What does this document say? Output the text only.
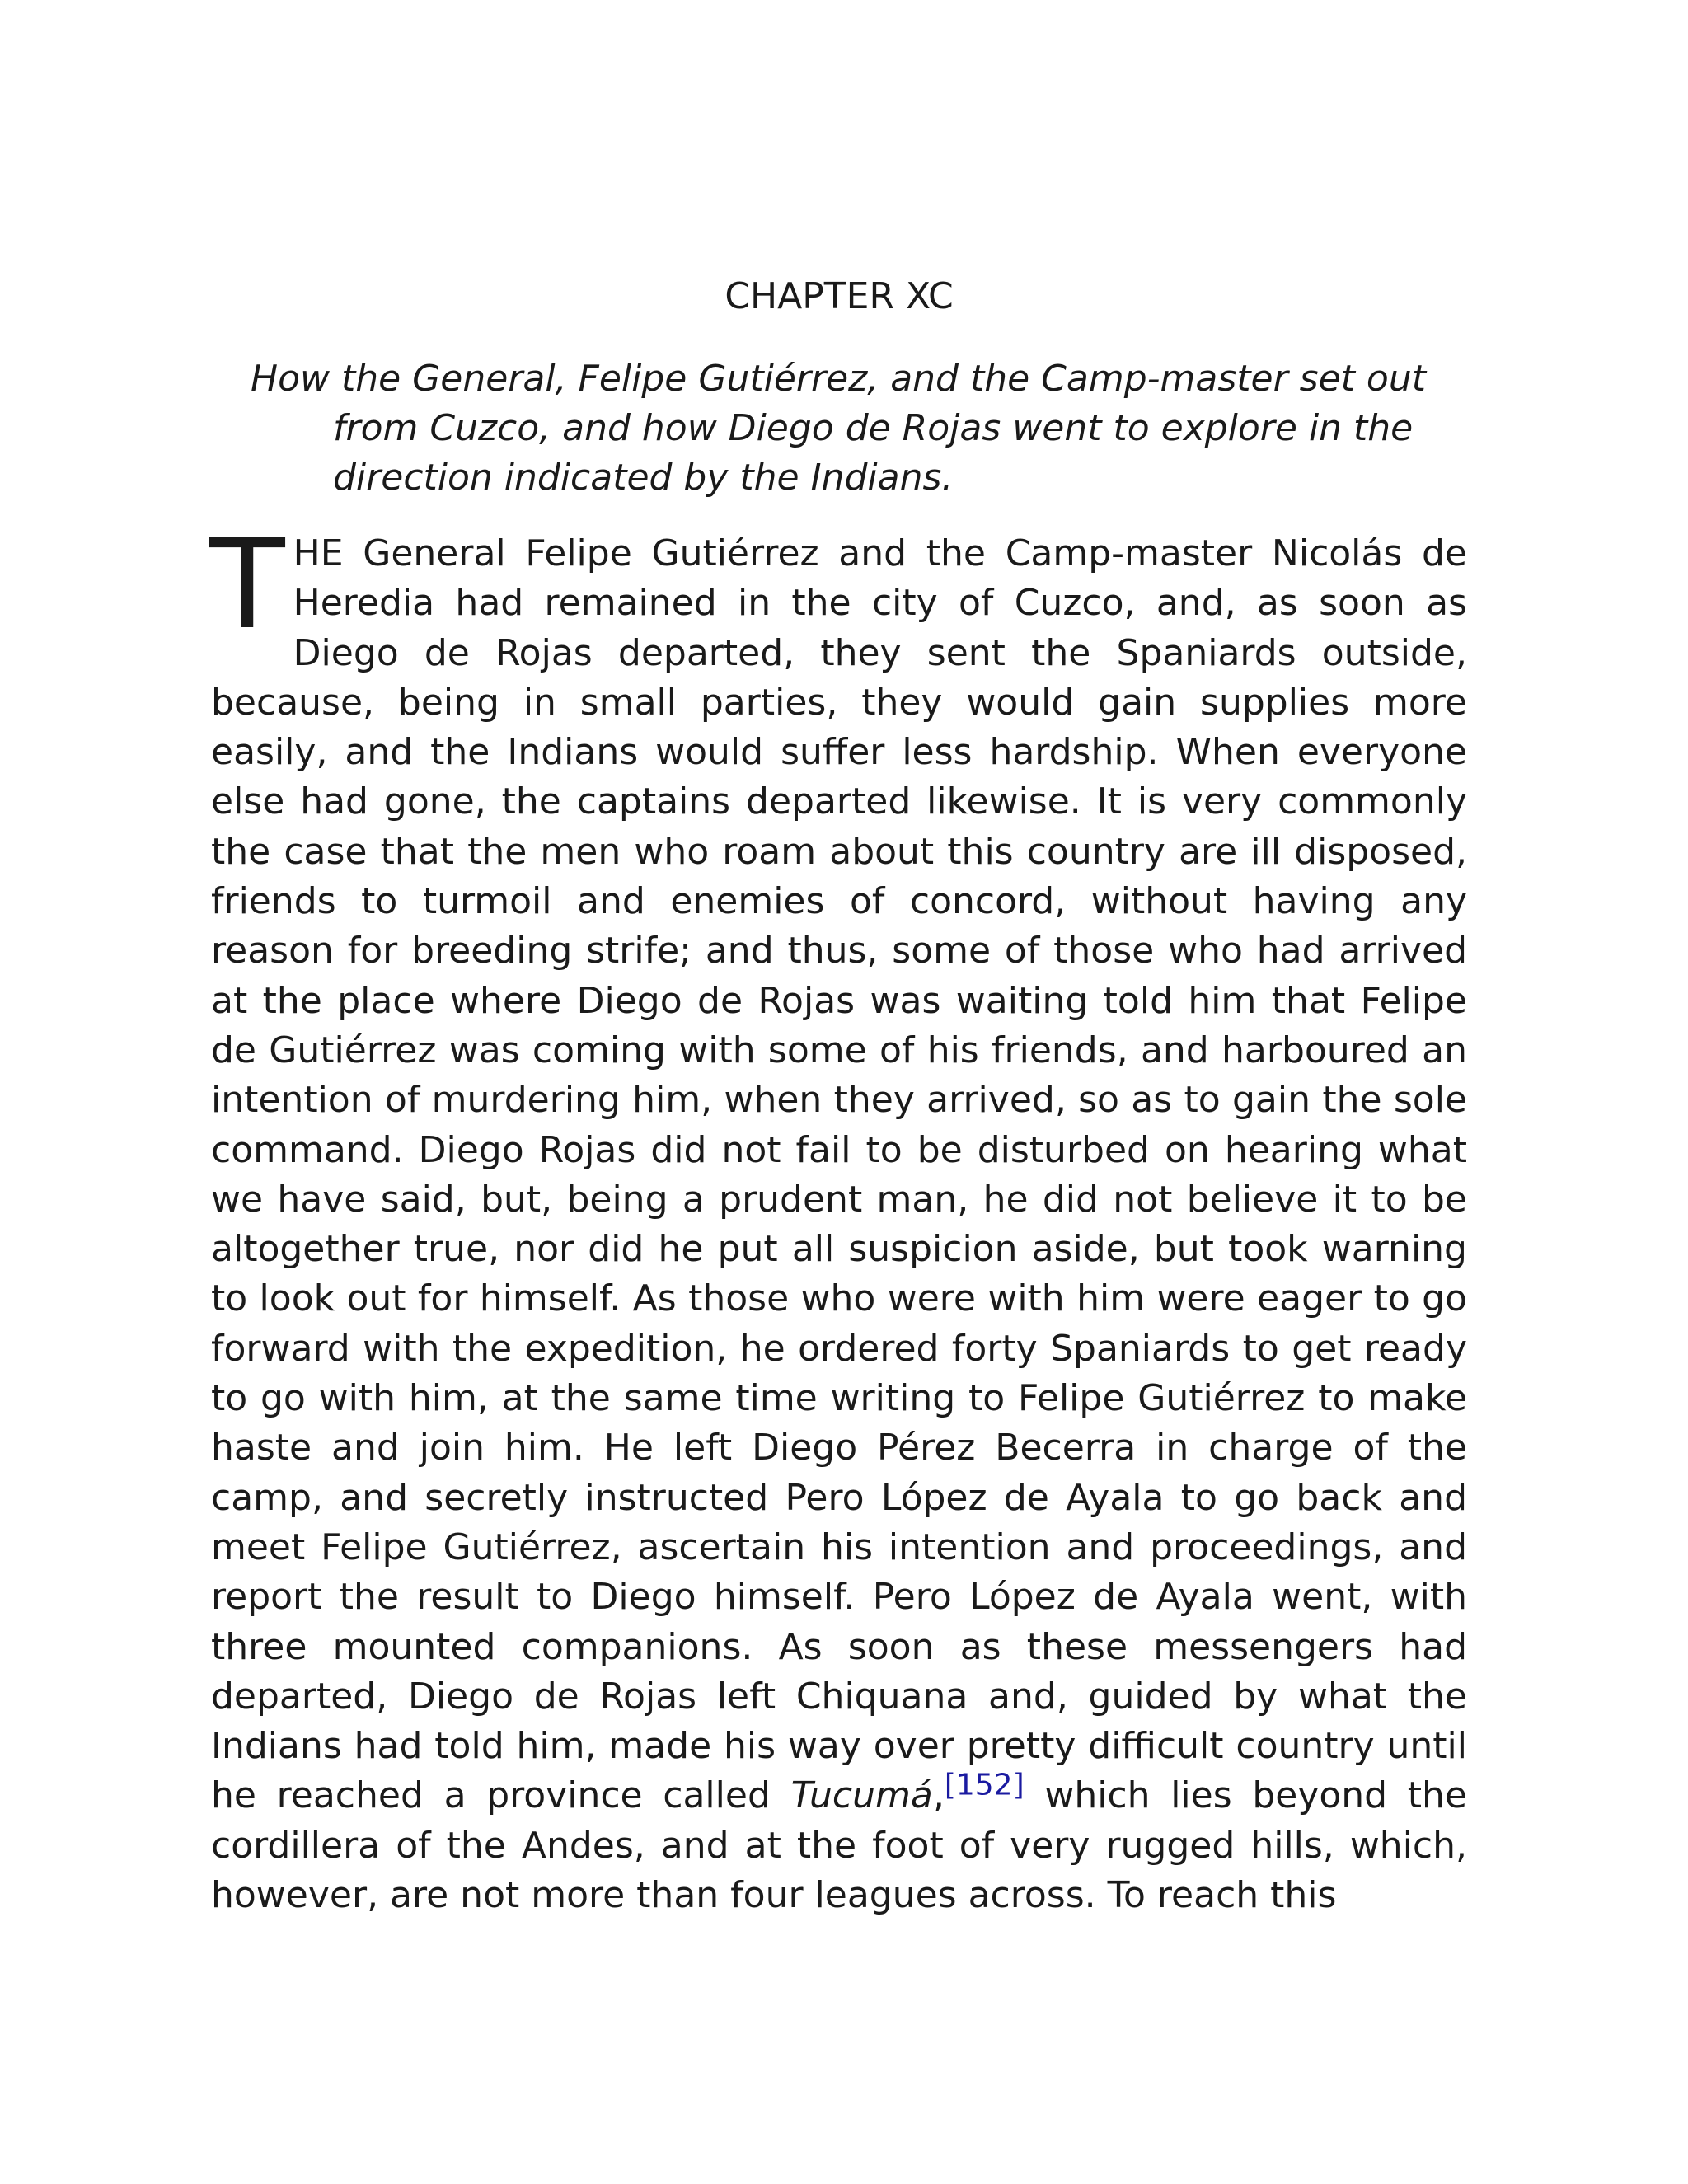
CHAPTER XC

How the General, Felipe Gutiérrez, and the Camp-master set out from Cuzco, and how Diego de Rojas went to explore in the direction indicated by the Indians.

THE General Felipe Gutiérrez and the Camp-master Nicolás de Heredia had remained in the city of Cuzco, and, as soon as Diego de Rojas departed, they sent the Spaniards outside, because, being in small parties, they would gain supplies more easily, and the Indians would suffer less hardship. When everyone else had gone, the captains departed likewise. It is very commonly the case that the men who roam about this country are ill disposed, friends to turmoil and enemies of concord, without having any reason for breeding strife; and thus, some of those who had arrived at the place where Diego de Rojas was waiting told him that Felipe de Gutiérrez was coming with some of his friends, and harboured an intention of murdering him, when they arrived, so as to gain the sole command. Diego Rojas did not fail to be disturbed on hearing what we have said, but, being a prudent man, he did not believe it to be altogether true, nor did he put all suspicion aside, but took warning to look out for himself. As those who were with him were eager to go forward with the expedition, he ordered forty Spaniards to get ready to go with him, at the same time writing to Felipe Gutiérrez to make haste and join him. He left Diego Pérez Becerra in charge of the camp, and secretly instructed Pero López de Ayala to go back and meet Felipe Gutiérrez, ascertain his intention and proceedings, and report the result to Diego himself. Pero López de Ayala went, with three mounted companions. As soon as these messengers had departed, Diego de Rojas left Chiquana and, guided by what the Indians had told him, made his way over pretty difficult country until he reached a province called Tucumá,[152] which lies beyond the cordillera of the Andes, and at the foot of very rugged hills, which, however, are not more than four leagues across. To reach this
